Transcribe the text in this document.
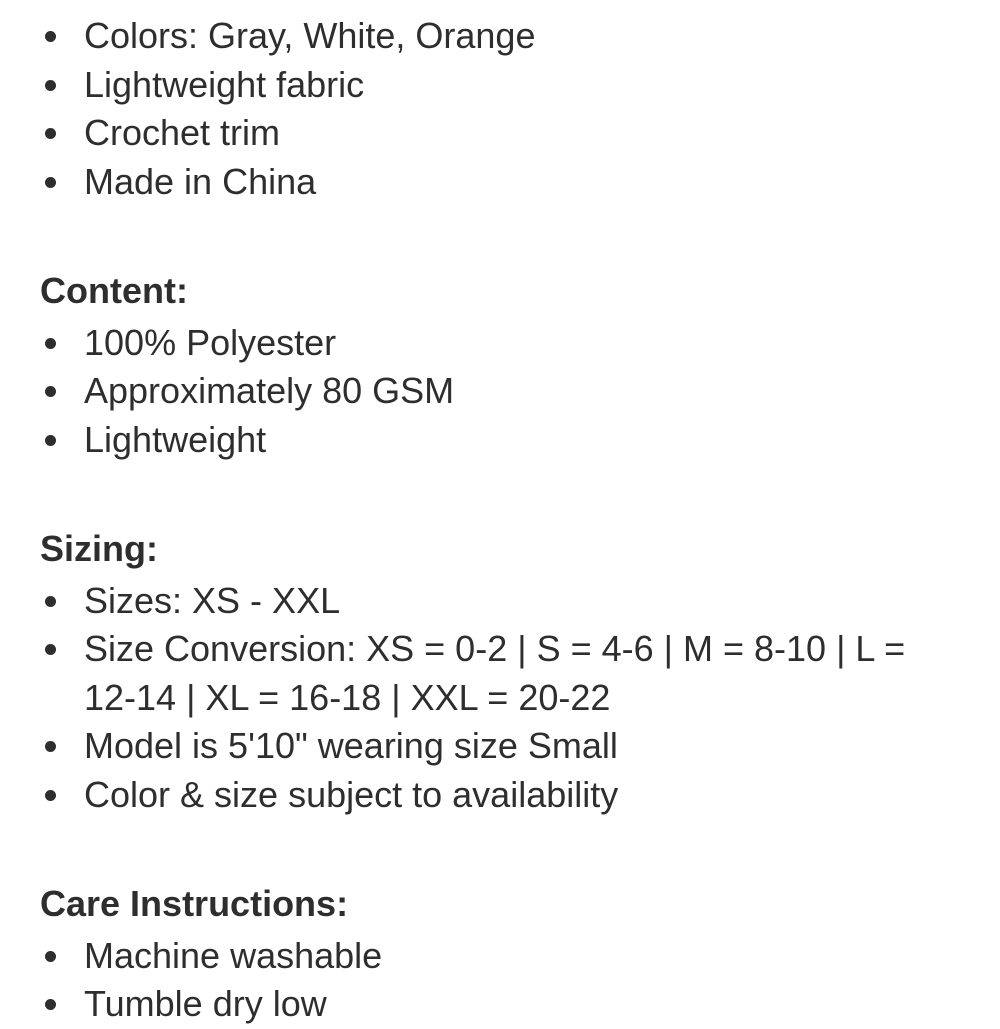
Colors: Gray, White, Orange
Lightweight fabric
Crochet trim
Made in China
Content:
100% Polyester
Approximately 80 GSM
Lightweight
Sizing:
Sizes: XS - XXL
Size Conversion: XS = 0-2 | S = 4-6 | M = 8-10 | L = 12-14 | XL = 16-18 | XXL = 20-22
Model is 5'10" wearing size Small
Color & size subject to availability
Care Instructions:
Machine washable
Tumble dry low
